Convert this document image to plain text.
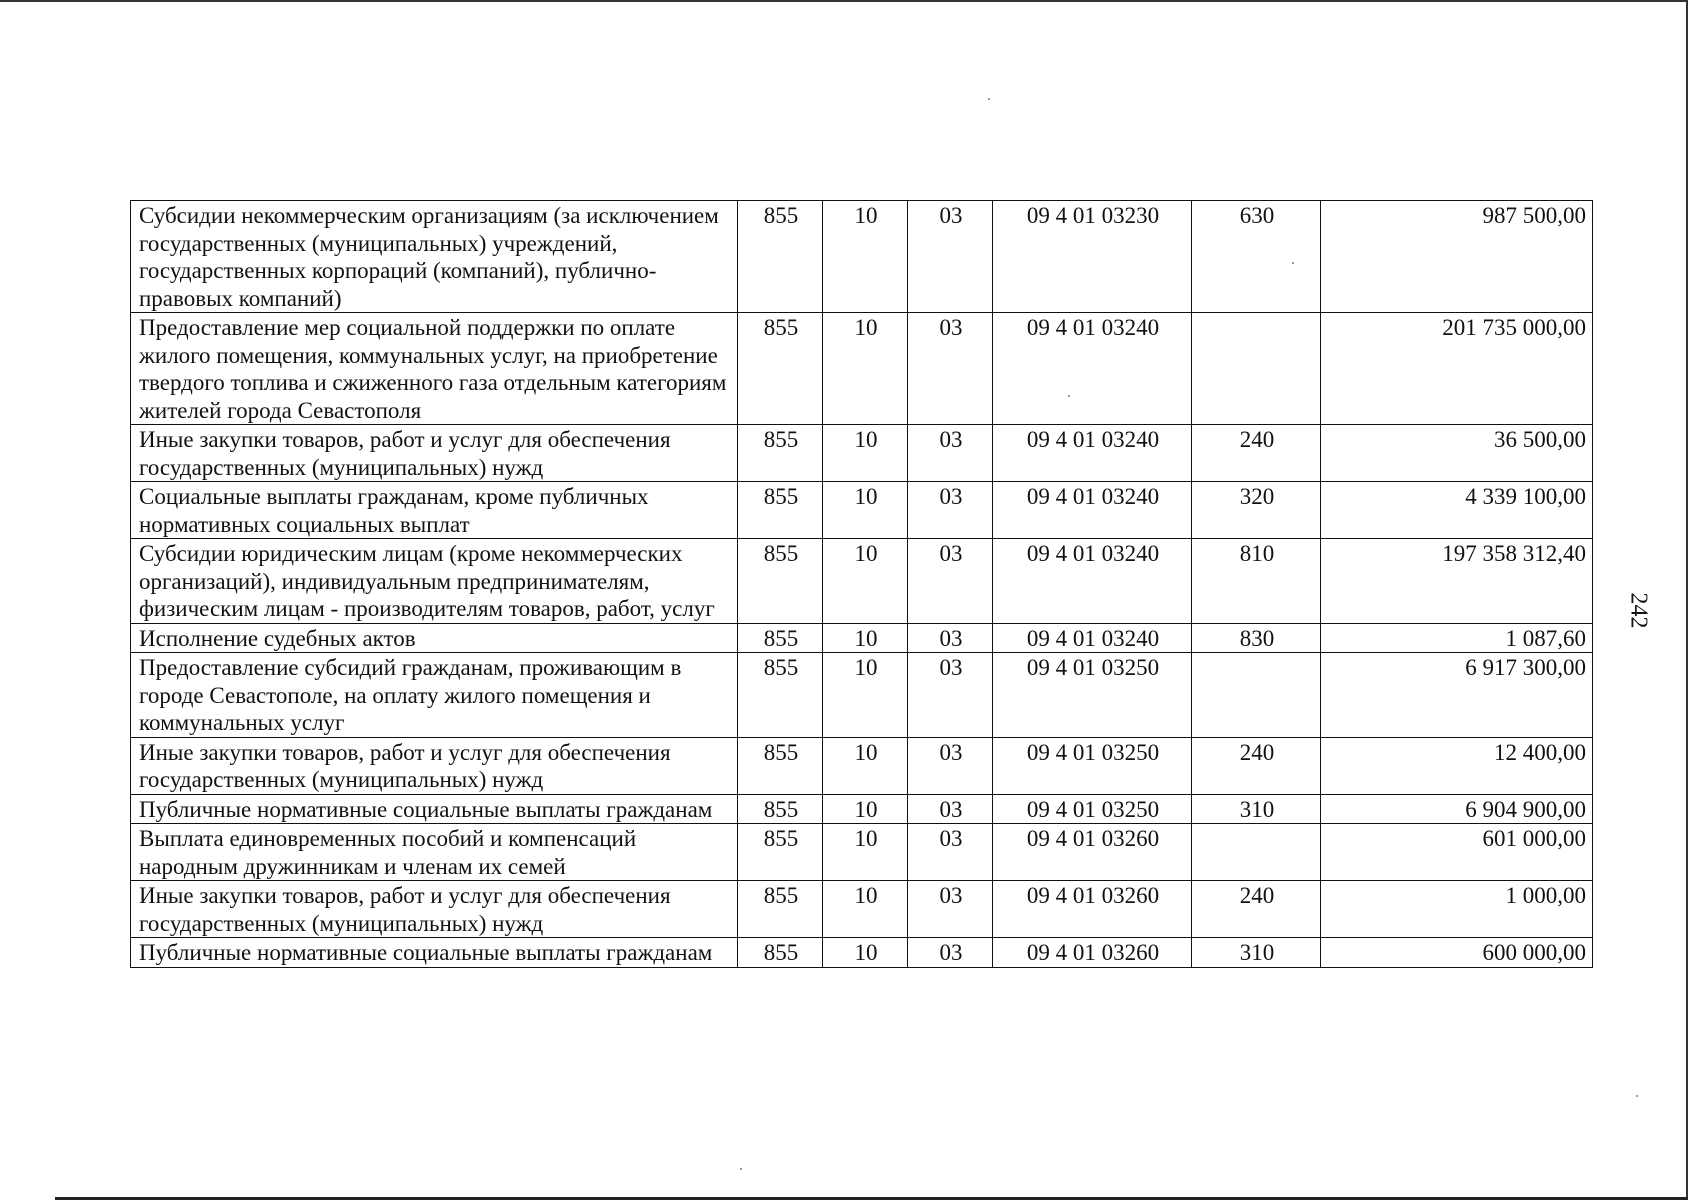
Субсидии некоммерческим организациям (за исключением государственных (муниципальных) учреждений, государственных корпораций (компаний), публично-правовых компаний)	855	10	03	09 4 01 03230	630	987 500,00
Предоставление мер социальной поддержки по оплате жилого помещения, коммунальных услуг, на приобретение твердого топлива и сжиженного газа отдельным категориям жителей города Севастополя	855	10	03	09 4 01 03240		201 735 000,00
Иные закупки товаров, работ и услуг для обеспечения государственных (муниципальных) нужд	855	10	03	09 4 01 03240	240	36 500,00
Социальные выплаты гражданам, кроме публичных нормативных социальных выплат	855	10	03	09 4 01 03240	320	4 339 100,00
Субсидии юридическим лицам (кроме некоммерческих организаций), индивидуальным предпринимателям, физическим лицам - производителям товаров, работ, услуг	855	10	03	09 4 01 03240	810	197 358 312,40
Исполнение судебных актов	855	10	03	09 4 01 03240	830	1 087,60
Предоставление субсидий гражданам, проживающим в городе Севастополе, на оплату жилого помещения и коммунальных услуг	855	10	03	09 4 01 03250		6 917 300,00
Иные закупки товаров, работ и услуг для обеспечения государственных (муниципальных) нужд	855	10	03	09 4 01 03250	240	12 400,00
Публичные нормативные социальные выплаты гражданам	855	10	03	09 4 01 03250	310	6 904 900,00
Выплата единовременных пособий и компенсаций народным дружинникам и членам их семей	855	10	03	09 4 01 03260		601 000,00
Иные закупки товаров, работ и услуг для обеспечения государственных (муниципальных) нужд	855	10	03	09 4 01 03260	240	1 000,00
Публичные нормативные социальные выплаты гражданам	855	10	03	09 4 01 03260	310	600 000,00
242
